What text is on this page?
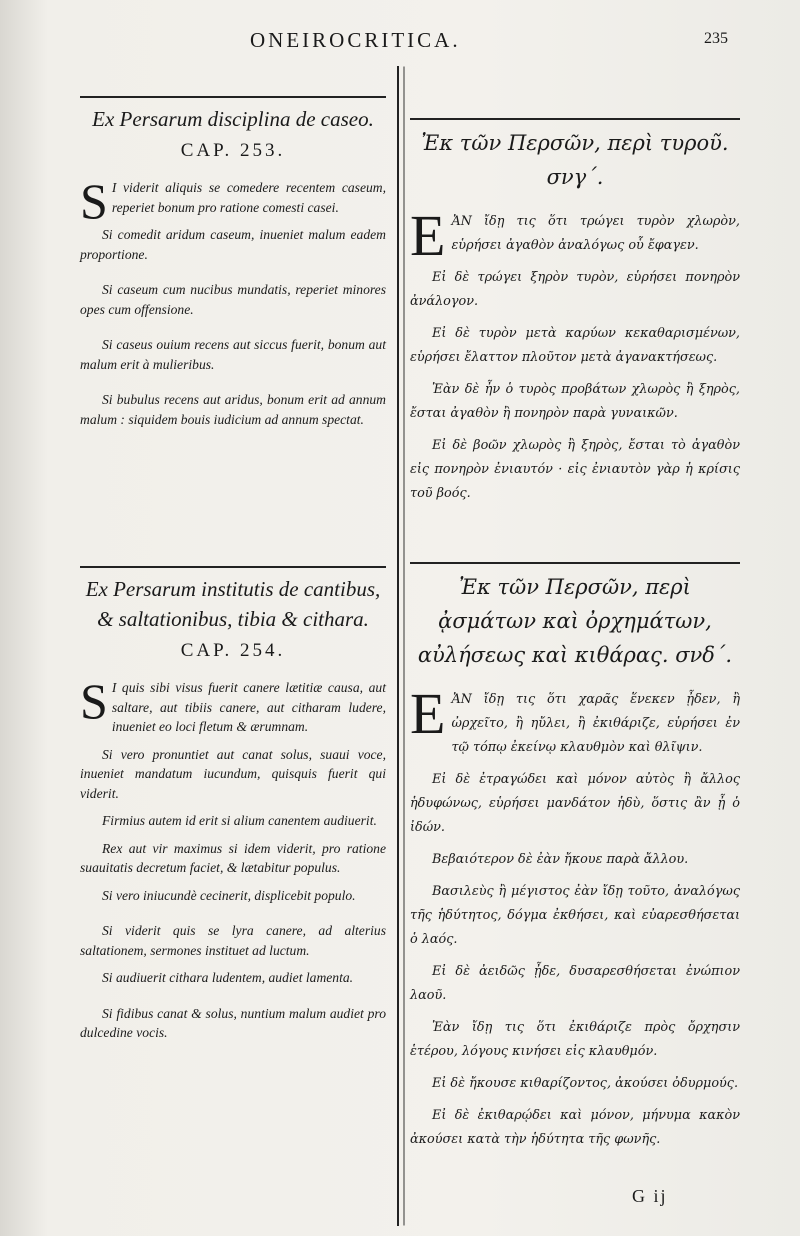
ONEIROCRITICA.	235
Ex Persarum disciplina de caseo.
CAP. 253.

S I viderit aliquis se comedere recentem caseum, reperiet bonum pro ratione comesti casei.

Si comedit aridum caseum, inueniet malum eadem proportione.

Si caseum cum nucibus mundatis, reperiet minores opes cum offensione.

Si caseus ouium recens aut siccus fuerit, bonum aut malum erit à mulieribus.

Si bubulus recens aut aridus, bonum erit ad annum malum : siquidem bouis iudicium ad annum spectat.

Ex Persarum institutis de cantibus, & saltationibus, tibia & cithara.
CAP. 254.

S I quis sibi visus fuerit canere lætitiæ causa, aut saltare, aut tibiis canere, aut citharam ludere, inueniet eo loci fletum & ærumnam.

Si vero pronuntiet aut canat solus, suaui voce, inueniet mandatum iucundum, quisquis fuerit qui viderit.

Firmius autem id erit si alium canentem audiuerit.

Rex aut vir maximus si idem viderit, pro ratione suauitatis decretum faciet, & lætabitur populus.

Si vero iniucundè cecinerit, displicebit populo.

Si viderit quis se lyra canere, ad alterius saltationem, sermones instituet ad luctum.

Si audiuerit cithara ludentem, audiet lamenta.

Si fidibus canat & solus, nuntium malum audiet pro dulcedine vocis.

Ἐκ τῶν Περσῶν, περὶ τυροῦ. σνγ΄.

ΕἈΝ ἴδῃ τις ὅτι τρώγει τυρὸν χλωρὸν, εὑρήσει ἀγαθὸν ἀναλόγως οὗ ἔφαγεν.

Εἰ δὲ τρώγει ξηρὸν τυρὸν, εὑρήσει πονηρὸν ἀνάλογον.

Εἰ δὲ τυρὸν μετὰ καρύων κεκαθαρισμένων, εὑρήσει ἔλαττον πλοῦτον μετὰ ἀγανακτήσεως.

Ἐὰν δὲ ἦν ὁ τυρὸς προβάτων χλωρὸς ἢ ξηρὸς, ἔσται ἀγαθὸν ἢ πονηρὸν παρὰ γυναικῶν.

Εἰ δὲ βοῶν χλωρὸς ἢ ξηρὸς, ἔσται τὸ ἀγαθὸν εἰς πονηρὸν ἐνιαυτόν · εἰς ἐνιαυτὸν γὰρ ἡ κρίσις τοῦ βοός.

Ἐκ τῶν Περσῶν, περὶ ᾀσμάτων καὶ ὀρχημάτων, αὐλήσεως καὶ κιθάρας. σνδ΄.

ΕἈΝ ἴδῃ τις ὅτι χαρᾶς ἕνεκεν ᾖδεν, ἢ ὠρχεῖτο, ἢ ηὔλει, ἢ ἐκιθάριζε, εὑρήσει ἐν τῷ τόπῳ ἐκείνῳ κλαυθμὸν καὶ θλῖψιν.

Εἰ δὲ ἐτραγώδει καὶ μόνον αὐτὸς ἢ ἄλλος ἡδυφώνως, εὑρήσει μανδάτον ἡδὺ, ὅστις ἂν ᾖ ὁ ἰδών.

Βεβαιότερον δὲ ἐὰν ἤκουε παρὰ ἄλλου.

Βασιλεὺς ἢ μέγιστος ἐὰν ἴδῃ τοῦτο, ἀναλόγως τῆς ἡδύτητος, δόγμα ἐκθήσει, καὶ εὐαρεσθήσεται ὁ λαός.

Εἰ δὲ ἀειδῶς ᾖδε, δυσαρεσθήσεται ἐνώπιον λαοῦ.

Ἐὰν ἴδῃ τις ὅτι ἐκιθάριζε πρὸς ὄρχησιν ἑτέρου, λόγους κινήσει εἰς κλαυθμόν.

Εἰ δὲ ἤκουσε κιθαρίζοντος, ἀκούσει ὀδυρμούς.

Εἰ δὲ ἐκιθαρῴδει καὶ μόνον, μήνυμα κακὸν ἀκούσει κατὰ τὴν ἡδύτητα τῆς φωνῆς.

G ij
